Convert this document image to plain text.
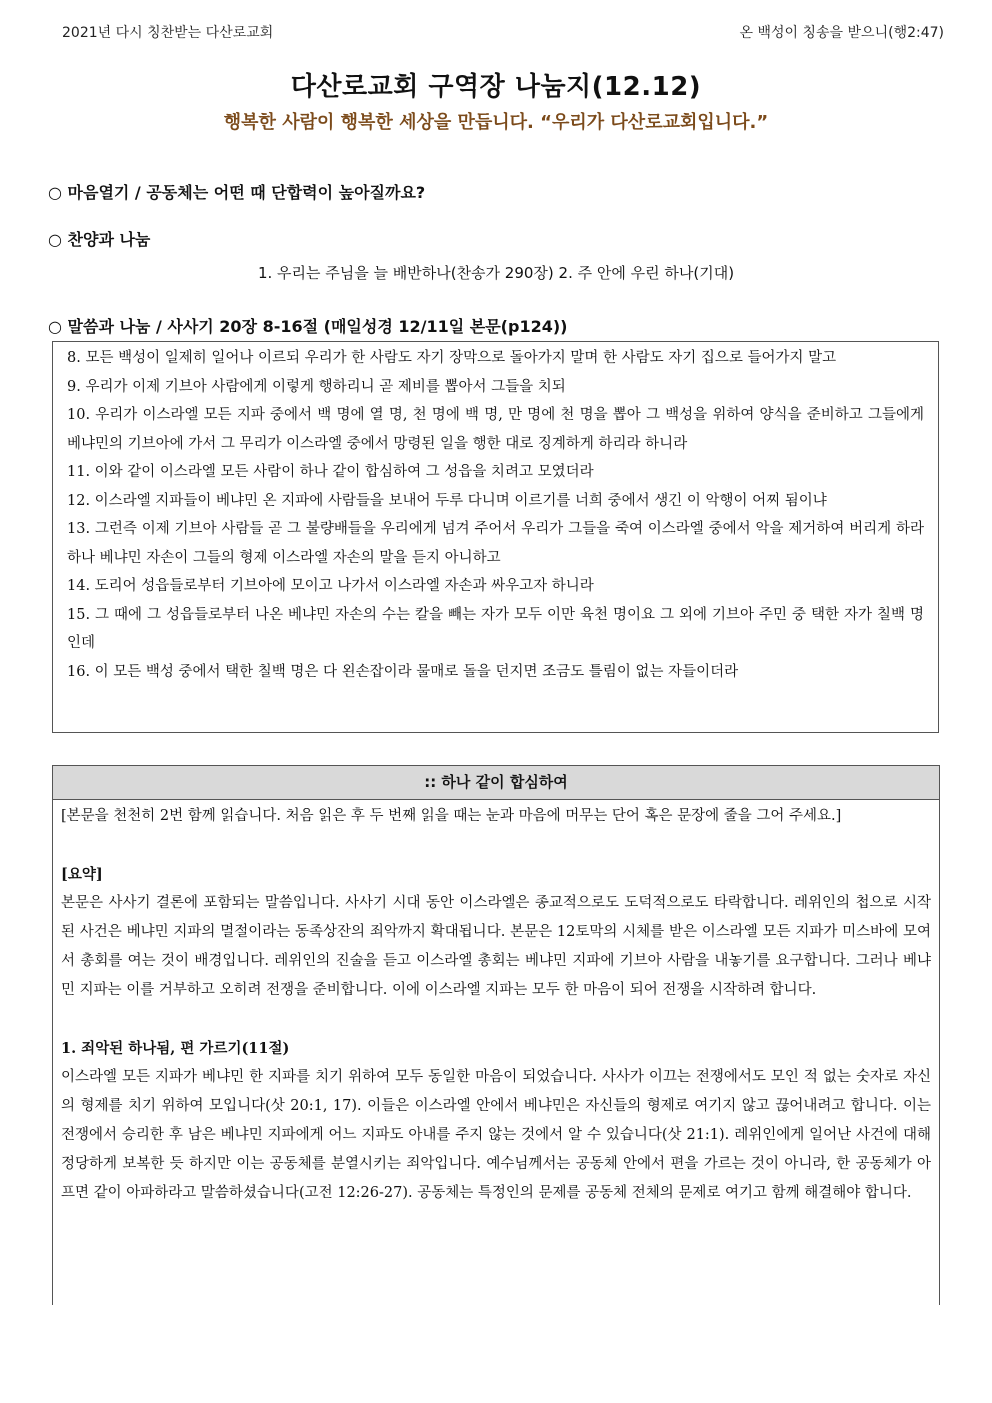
2021년 다시 칭찬받는 다산로교회	온 백성이 칭송을 받으니(행2:47)
다산로교회 구역장 나눔지(12.12)
행복한 사람이 행복한 세상을 만듭니다. “우리가 다산로교회입니다.”
○ 마음열기 / 공동체는 어떤 때 단합력이 높아질까요?
○ 찬양과 나눔
1. 우리는 주님을 늘 배반하나(찬송가 290장) 2. 주 안에 우린 하나(기대)
○ 말씀과 나눔 / 사사기 20장 8-16절 (매일성경 12/11일 본문(p124))

8. 모든 백성이 일제히 일어나 이르되 우리가 한 사람도 자기 장막으로 돌아가지 말며 한 사람도 자기 집으로 들어가지 말고

9. 우리가 이제 기브아 사람에게 이렇게 행하리니 곧 제비를 뽑아서 그들을 치되

10. 우리가 이스라엘 모든 지파 중에서 백 명에 열 명, 천 명에 백 명, 만 명에 천 명을 뽑아 그 백성을 위하여 양식을 준비하고 그들에게 베냐민의 기브아에 가서 그 무리가 이스라엘 중에서 망령된 일을 행한 대로 징계하게 하리라 하니라

11. 이와 같이 이스라엘 모든 사람이 하나 같이 합심하여 그 성읍을 치려고 모였더라

12. 이스라엘 지파들이 베냐민 온 지파에 사람들을 보내어 두루 다니며 이르기를 너희 중에서 생긴 이 악행이 어찌 됨이냐

13. 그런즉 이제 기브아 사람들 곧 그 불량배들을 우리에게 넘겨 주어서 우리가 그들을 죽여 이스라엘 중에서 악을 제거하여 버리게 하라 하나 베냐민 자손이 그들의 형제 이스라엘 자손의 말을 듣지 아니하고

14. 도리어 성읍들로부터 기브아에 모이고 나가서 이스라엘 자손과 싸우고자 하니라

15. 그 때에 그 성읍들로부터 나온 베냐민 자손의 수는 칼을 빼는 자가 모두 이만 육천 명이요 그 외에 기브아 주민 중 택한 자가 칠백 명인데

16. 이 모든 백성 중에서 택한 칠백 명은 다 왼손잡이라 물매로 돌을 던지면 조금도 틀림이 없는 자들이더라

:: 하나 같이 합심하여

[본문을 천천히 2번 함께 읽습니다. 처음 읽은 후 두 번째 읽을 때는 눈과 마음에 머무는 단어 혹은 문장에 줄을 그어 주세요.]

[요약]

본문은 사사기 결론에 포함되는 말씀입니다. 사사기 시대 동안 이스라엘은 종교적으로도 도덕적으로도 타락합니다. 레위인의 첩으로 시작된 사건은 베냐민 지파의 멸절이라는 동족상잔의 죄악까지 확대됩니다. 본문은 12토막의 시체를 받은 이스라엘 모든 지파가 미스바에 모여서 총회를 여는 것이 배경입니다. 레위인의 진술을 듣고 이스라엘 총회는 베냐민 지파에 기브아 사람을 내놓기를 요구합니다. 그러나 베냐민 지파는 이를 거부하고 오히려 전쟁을 준비합니다. 이에 이스라엘 지파는 모두 한 마음이 되어 전쟁을 시작하려 합니다.

1. 죄악된 하나됨, 편 가르기(11절)

이스라엘 모든 지파가 베냐민 한 지파를 치기 위하여 모두 동일한 마음이 되었습니다. 사사가 이끄는 전쟁에서도 모인 적 없는 숫자로 자신의 형제를 치기 위하여 모입니다(삿 20:1, 17). 이들은 이스라엘 안에서 베냐민은 자신들의 형제로 여기지 않고 끊어내려고 합니다. 이는 전쟁에서 승리한 후 남은 베냐민 지파에게 어느 지파도 아내를 주지 않는 것에서 알 수 있습니다(삿 21:1). 레위인에게 일어난 사건에 대해 정당하게 보복한 듯 하지만 이는 공동체를 분열시키는 죄악입니다. 예수님께서는 공동체 안에서 편을 가르는 것이 아니라, 한 공동체가 아프면 같이 아파하라고 말씀하셨습니다(고전 12:26-27). 공동체는 특정인의 문제를 공동체 전체의 문제로 여기고 함께 해결해야 합니다.
